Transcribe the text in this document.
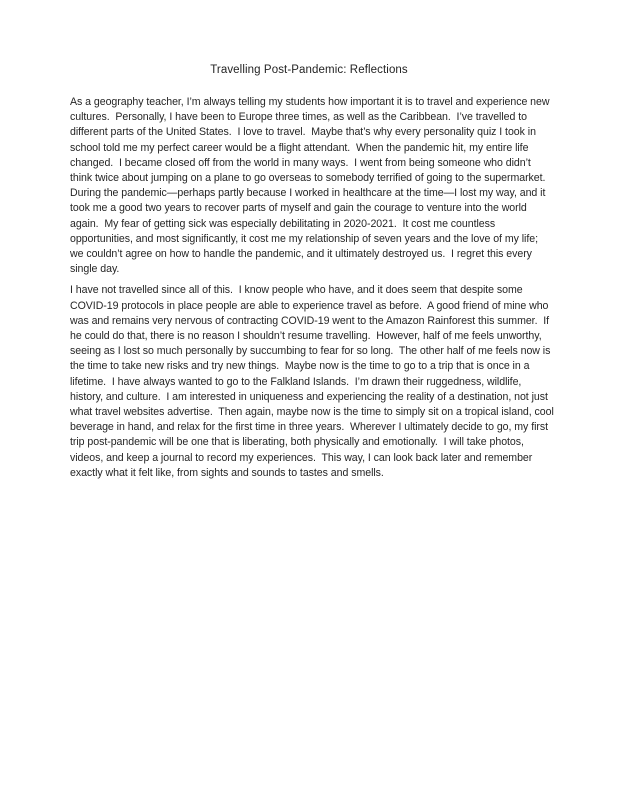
Travelling Post-Pandemic: Reflections
As a geography teacher, I’m always telling my students how important it is to travel and experience new
cultures.  Personally, I have been to Europe three times, as well as the Caribbean.  I’ve travelled to
different parts of the United States.  I love to travel.  Maybe that’s why every personality quiz I took in
school told me my perfect career would be a flight attendant.  When the pandemic hit, my entire life
changed.  I became closed off from the world in many ways.  I went from being someone who didn’t
think twice about jumping on a plane to go overseas to somebody terrified of going to the supermarket.
During the pandemic—perhaps partly because I worked in healthcare at the time—I lost my way, and it
took me a good two years to recover parts of myself and gain the courage to venture into the world
again.  My fear of getting sick was especially debilitating in 2020-2021.  It cost me countless
opportunities, and most significantly, it cost me my relationship of seven years and the love of my life;
we couldn’t agree on how to handle the pandemic, and it ultimately destroyed us.  I regret this every
single day.
I have not travelled since all of this.  I know people who have, and it does seem that despite some
COVID-19 protocols in place people are able to experience travel as before.  A good friend of mine who
was and remains very nervous of contracting COVID-19 went to the Amazon Rainforest this summer.  If
he could do that, there is no reason I shouldn’t resume travelling.  However, half of me feels unworthy,
seeing as I lost so much personally by succumbing to fear for so long.  The other half of me feels now is
the time to take new risks and try new things.  Maybe now is the time to go to a trip that is once in a
lifetime.  I have always wanted to go to the Falkland Islands.  I’m drawn their ruggedness, wildlife,
history, and culture.  I am interested in uniqueness and experiencing the reality of a destination, not just
what travel websites advertise.  Then again, maybe now is the time to simply sit on a tropical island, cool
beverage in hand, and relax for the first time in three years.  Wherever I ultimately decide to go, my first
trip post-pandemic will be one that is liberating, both physically and emotionally.  I will take photos,
videos, and keep a journal to record my experiences.  This way, I can look back later and remember
exactly what it felt like, from sights and sounds to tastes and smells.
